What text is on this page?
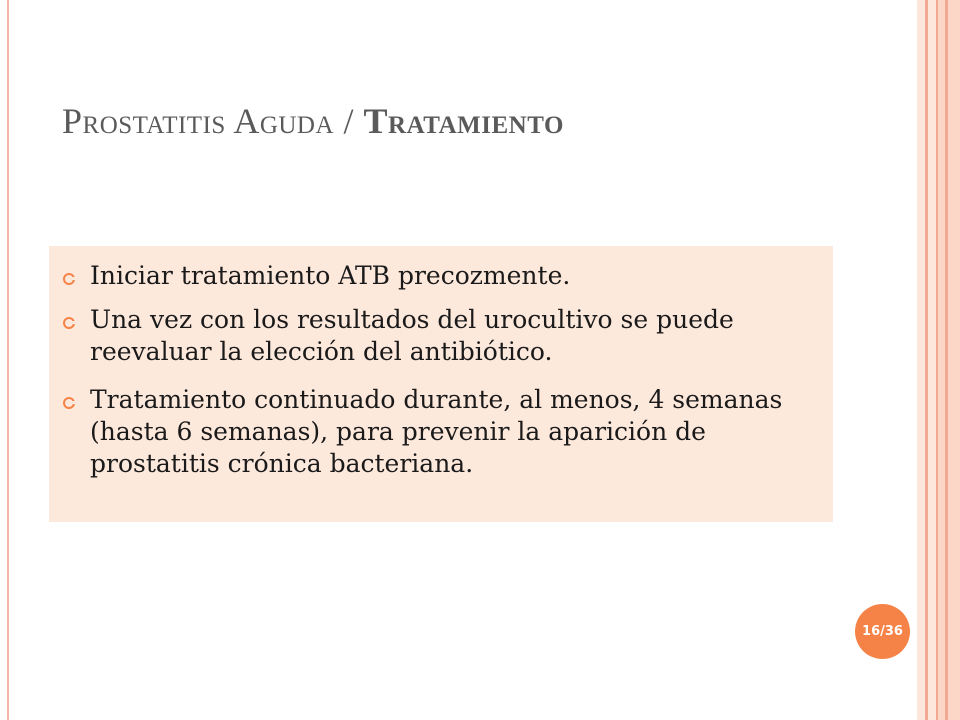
Prostatitis Aguda / Tratamiento
Iniciar tratamiento ATB precozmente.
Una vez con los resultados del urocultivo se puede reevaluar la elección del antibiótico.
Tratamiento continuado durante, al menos, 4 semanas (hasta 6 semanas), para prevenir la aparición de prostatitis crónica bacteriana.
16/36
